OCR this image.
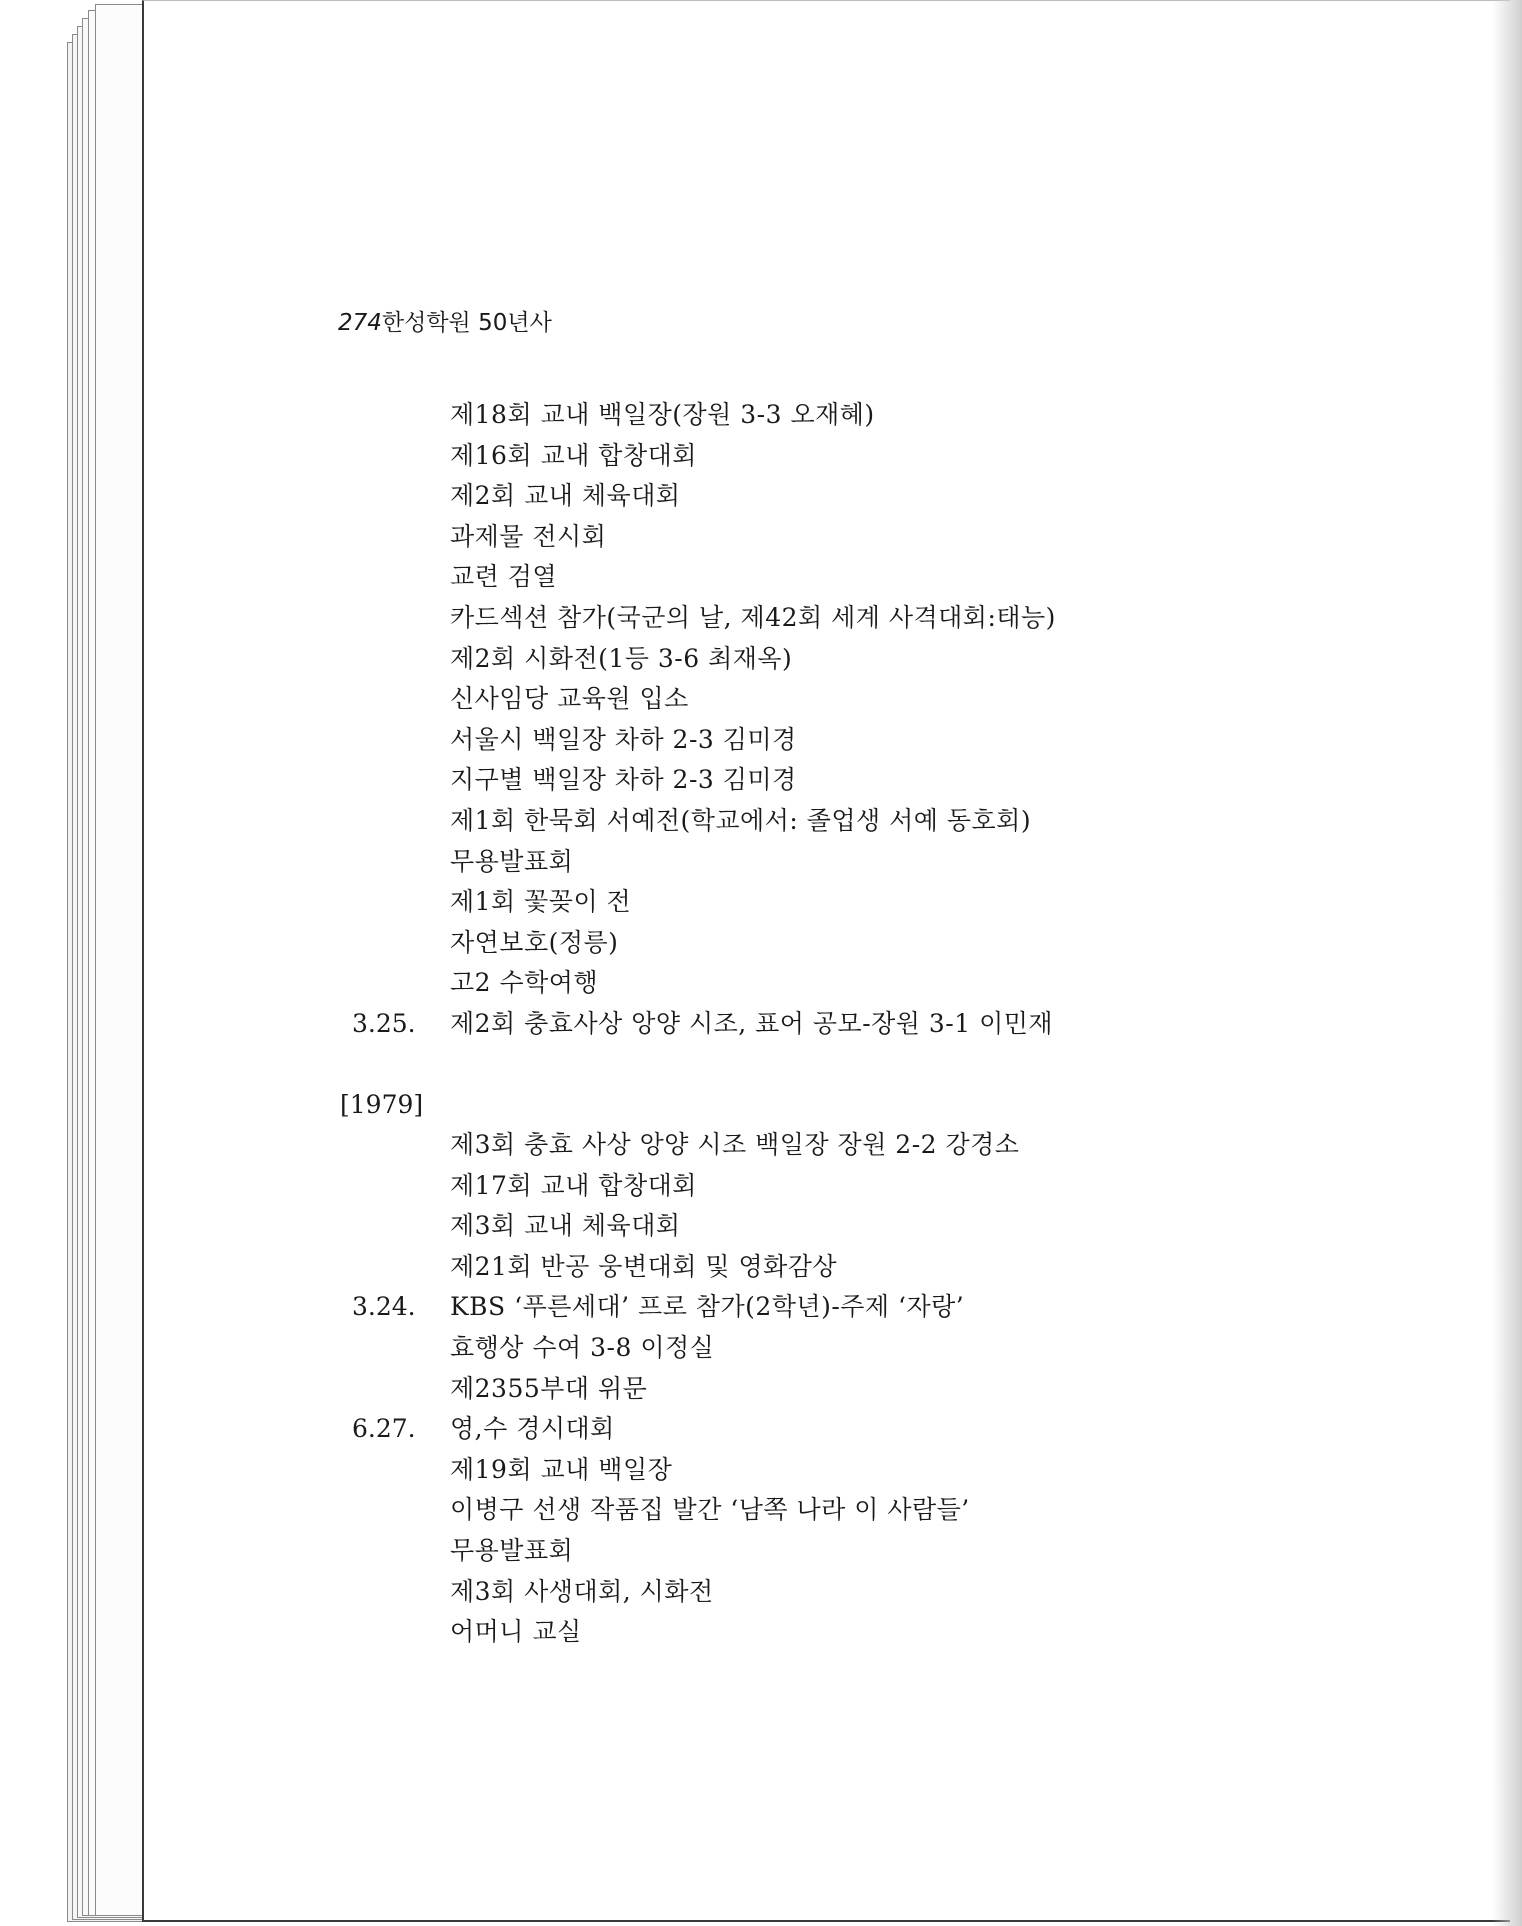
274한성학원 50년사
제18회 교내 백일장(장원 3-3 오재혜)
제16회 교내 합창대회
제2회 교내 체육대회
과제물 전시회
교련 검열
카드섹션 참가(국군의 날, 제42회 세계 사격대회:태능)
제2회 시화전(1등 3-6 최재옥)
신사임당 교육원 입소
서울시 백일장 차하 2-3 김미경
지구별 백일장 차하 2-3 김미경
제1회 한묵회 서예전(학교에서: 졸업생 서예 동호회)
무용발표회
제1회 꽃꽂이 전
자연보호(정릉)
고2 수학여행
3.25. 제2회 충효사상 앙양 시조, 표어 공모-장원 3-1 이민재
[1979]
제3회 충효 사상 앙양 시조 백일장 장원 2-2 강경소
제17회 교내 합창대회
제3회 교내 체육대회
제21회 반공 웅변대회 및 영화감상
3.24. KBS ‘푸른세대’ 프로 참가(2학년)-주제 ‘자랑’
효행상 수여 3-8 이정실
제2355부대 위문
6.27. 영,수 경시대회
제19회 교내 백일장
이병구 선생 작품집 발간 ‘남쪽 나라 이 사람들’
무용발표회
제3회 사생대회, 시화전
어머니 교실
